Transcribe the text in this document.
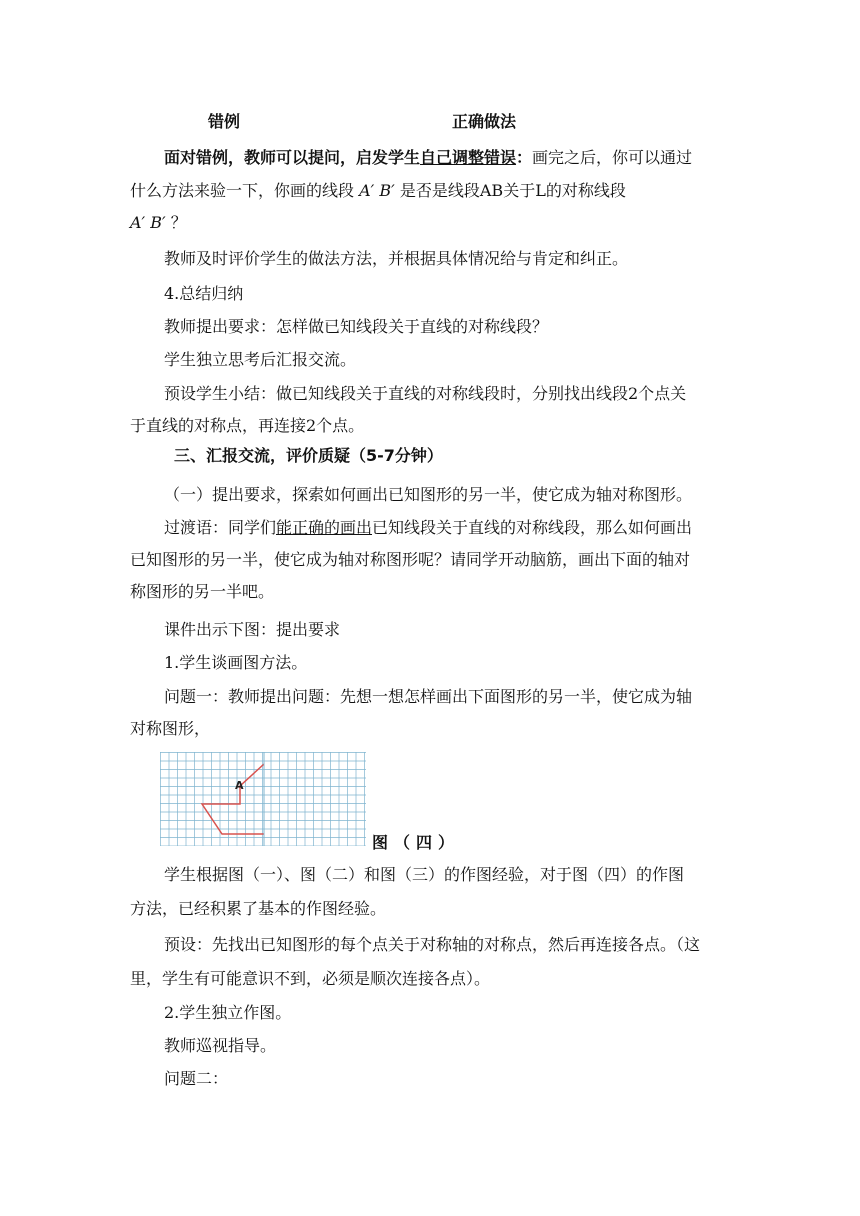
错例	正确做法
面对错例，教师可以提问，启发学生自己调整错误：画完之后，你可以通过
什么方法来验一下，你画的线段 A′ B′ 是否是线段AB关于L的对称线段
A′ B′ ？
教师及时评价学生的做法方法，并根据具体情况给与肯定和纠正。
4.总结归纳
教师提出要求：怎样做已知线段关于直线的对称线段？
学生独立思考后汇报交流。
预设学生小结：做已知线段关于直线的对称线段时，分别找出线段2个点关
于直线的对称点，再连接2个点。
三、汇报交流，评价质疑（5-7分钟）
（一）提出要求，探索如何画出已知图形的另一半，使它成为轴对称图形。
过渡语：同学们能正确的画出已知线段关于直线的对称线段，那么如何画出
已知图形的另一半，使它成为轴对称图形呢？请同学开动脑筋，画出下面的轴对
称图形的另一半吧。
课件出示下图：提出要求
1.学生谈画图方法。
问题一：教师提出问题：先想一想怎样画出下面图形的另一半，使它成为轴
对称图形，
A
图（四）
学生根据图（一）、图（二）和图（三）的作图经验，对于图（四）的作图
方法，已经积累了基本的作图经验。
预设：先找出已知图形的每个点关于对称轴的对称点，然后再连接各点。（这
里，学生有可能意识不到，必须是顺次连接各点）。
2.学生独立作图。
教师巡视指导。
问题二：
